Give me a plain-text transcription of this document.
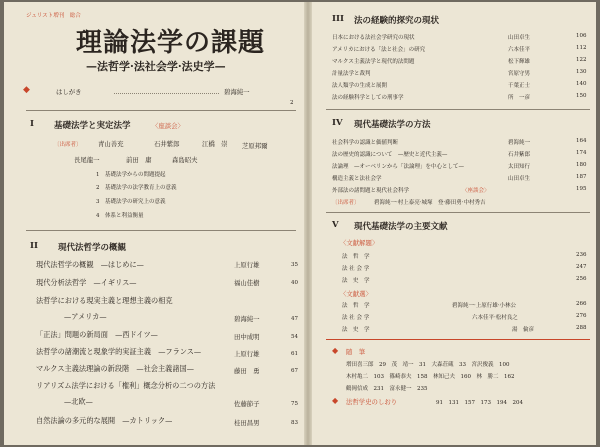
ジュリスト増刊　総合
理論法学の課題
—法哲学·法社会学·法史学—
◆	はしがき	碧海純一
2
I 基礎法学と実定法学	〈座談会〉
〔出席者〕	青山善充	石井紫郎	江橋　崇 芝原邦爾
長尾龍一	前田　庸	森島昭夫
1　基礎法学からの問題提起
2　基礎法学の法学教育上の意義
3　基礎法学の研究上の意義
4　体系と利益衡量
II 現代法哲学の概観
現代法哲学の概観　—はじめに—	上原行雄	35
現代分析法哲学　—イギリス—	福山佳樹	40
法哲学における現実主義と理想主義の相克
—アメリカ—	碧海純一	47
「正法」問題の新局面　—西ドイツ—	田中成明	54
法哲学の諸潮流と現象学的実証主義　—フランス—	上原行雄	61
マルクス主義法理論の新段階　—社会主義諸国—	藤田　勇	67
リアリズム法学における「権利」概念分析の二つの方法
—北欧—	佐藤節子	75
自然法論の多元的な展開　—カトリック—	桂田昌男	83
III 法の経験的探究の現状
日本における法社会学研究の現状	山田卓生	106
アメリカにおける「法と社会」の研究	六本佳平	112
マルクス主義法学と現代的法問題	松下輝雄	122
計量法学と裁判	宮原守男	130
法人類学の生成と展開	千葉正士	140
法の経験科学としての刑事学	所　一彦	150
IV 現代基礎法学の方法
社会科学の認識と価値判断	碧海純一	164
法の歴史的認識について　—歴史と近代主義—	石井紫郎	174
法論理　—オーベリンから「法論理」を中心として—	太田知行	180
構造主義と法社会学	山田卓生	187
外部法の諸問題と現代社会科学	〈座談会〉	195
〔出席者〕	碧海純一·村上泰亮·城塚　登·藤田勇·中村秀吉
V 現代基礎法学の主要文献
〈文献解題〉
法　哲　学	236
法 社 会 学	247
法　史　学	256
〈文献選〉
法　哲　学	碧海純一·上原行雄·小林公	266
法 社 会 学	六本佳平·松村良之	276
法　史　学	湯　倫彦	288
◆ 随　筆
増田喜三郎　29　茂　靖一　31　大森荘蔵　33　宮沢俊義　100
木村亀二　103　篠崎恭夫　158　林知己夫　160　林　勝二　162
鶴岡信成　231　富永健一　235
◆ 法哲学史のしおり	91　131　157　173　194　204
